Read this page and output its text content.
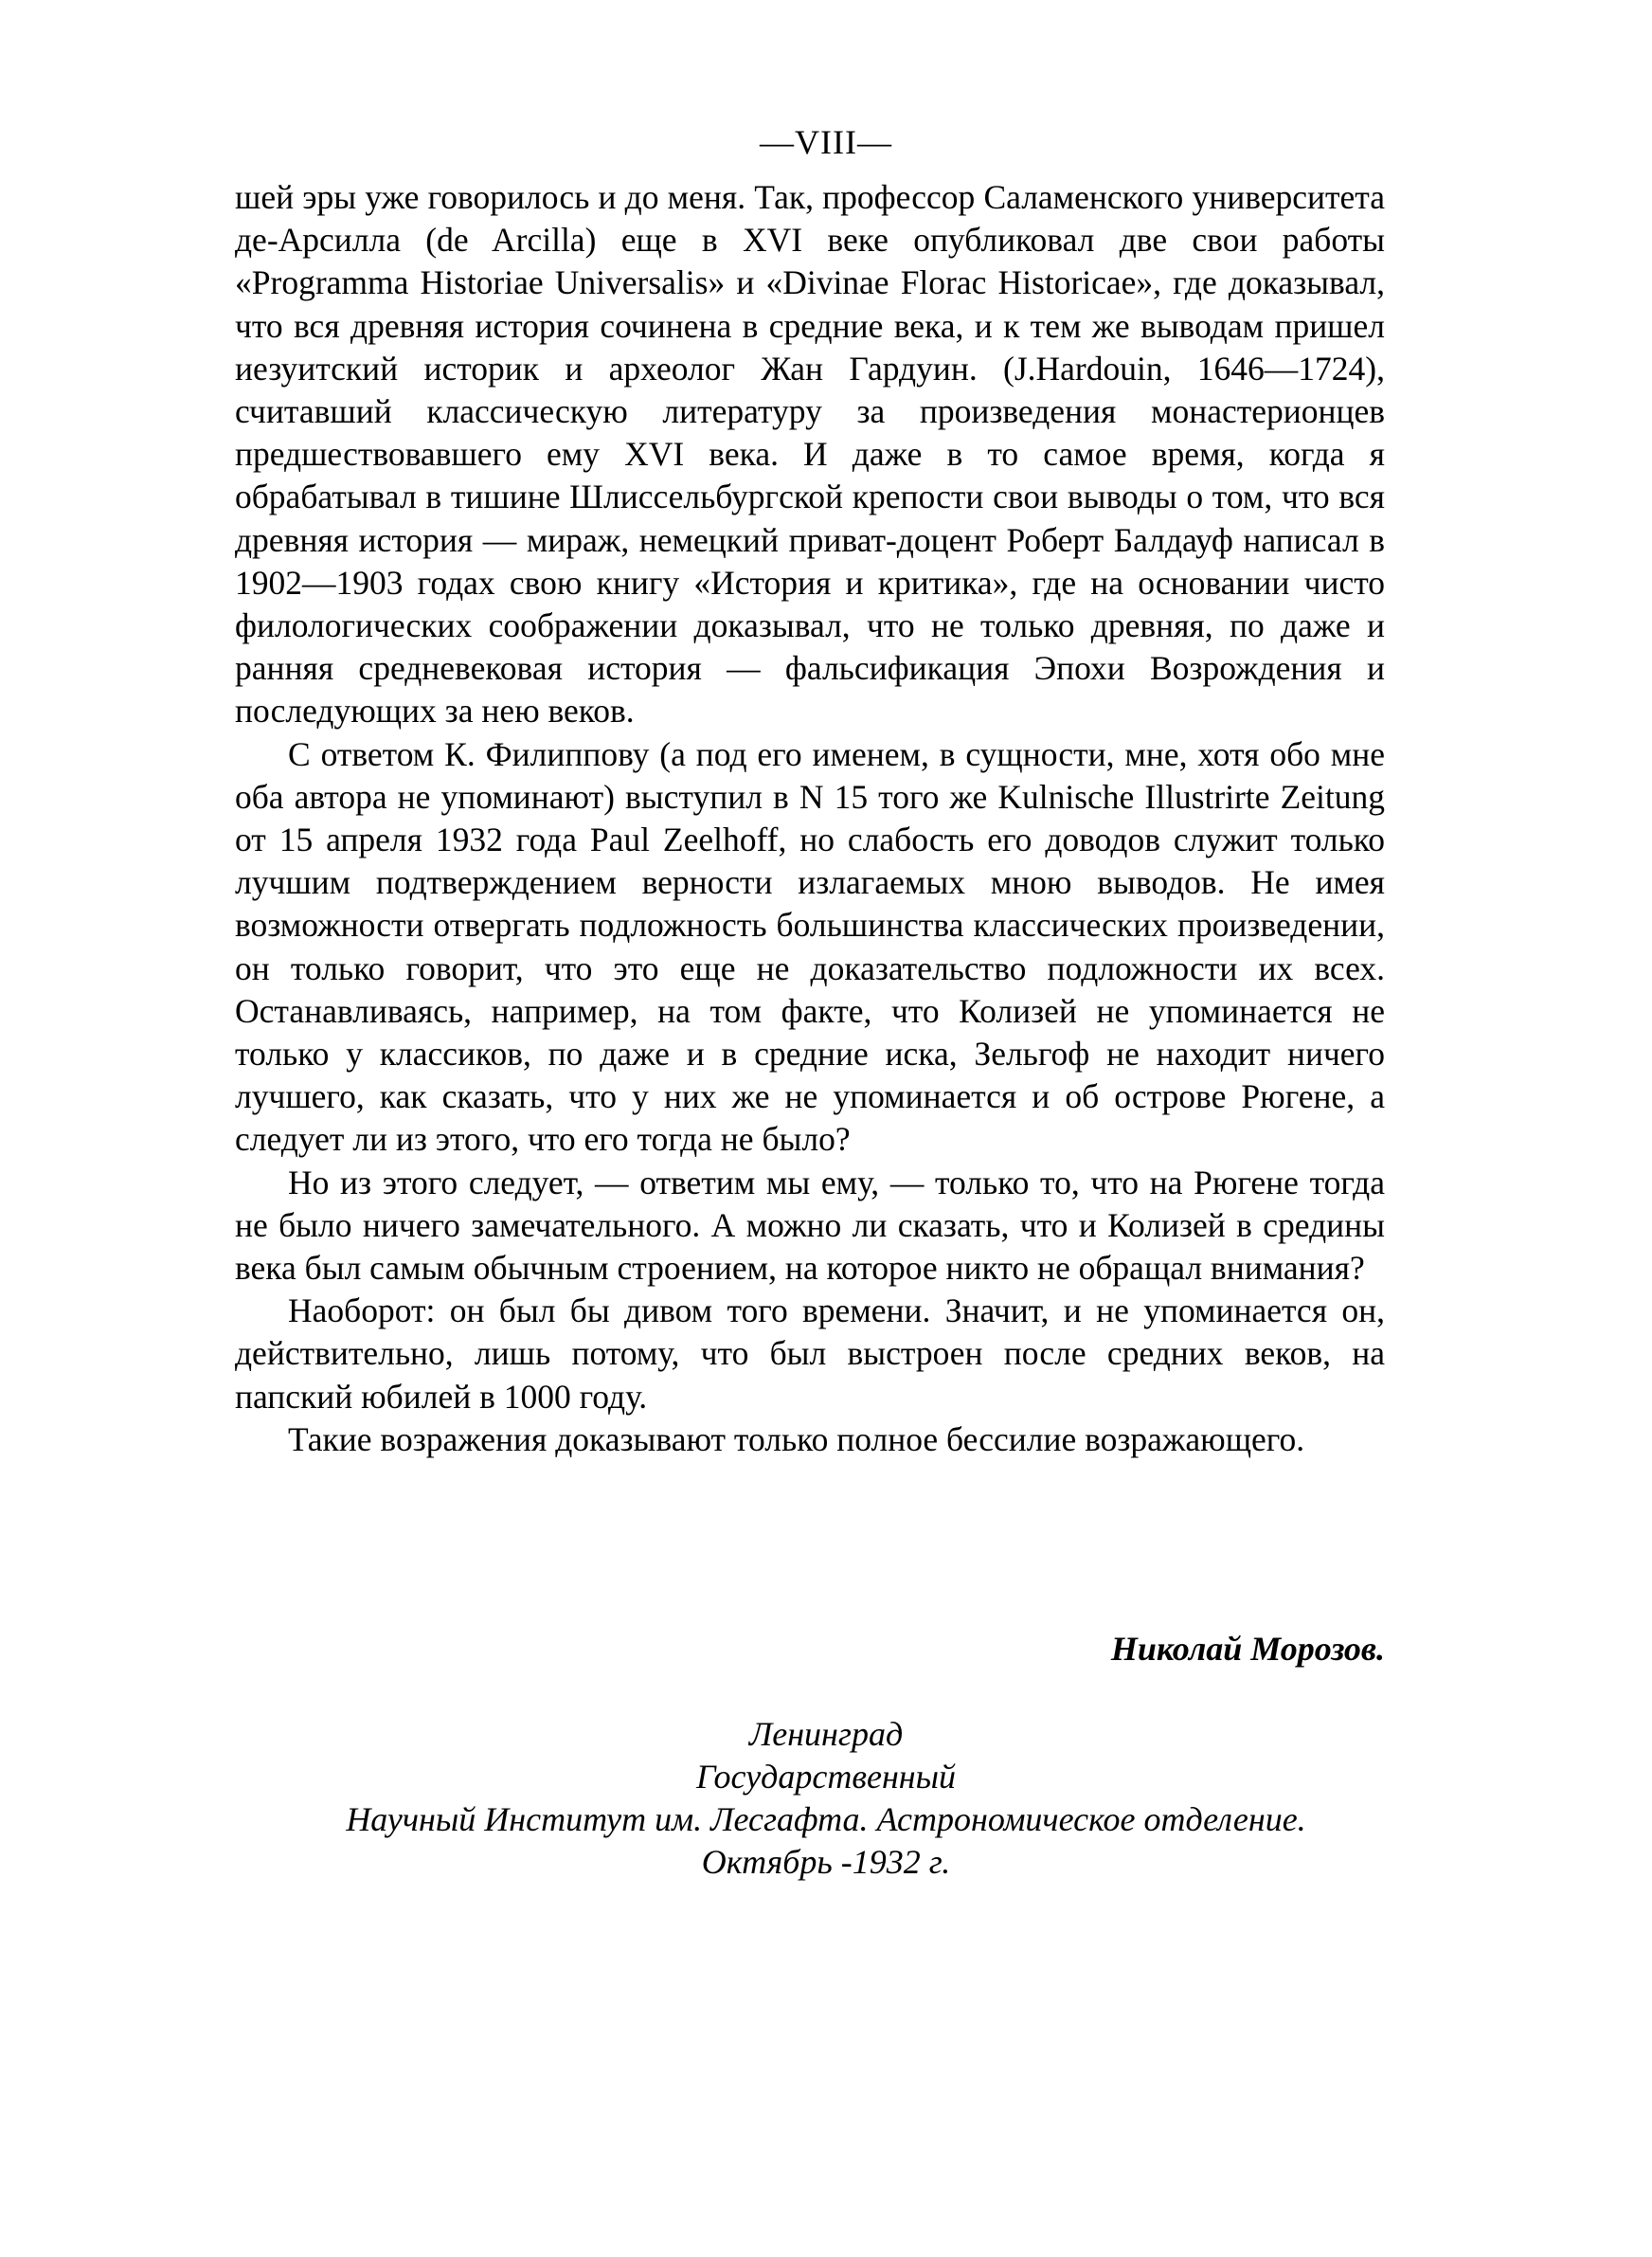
—VIII—

шей эры уже говорилось и до меня. Так, профессор Саламенского университета де-Арсилла (de Arcilla) еще в XVI веке опубликовал две свои работы «Programma Historiae Universalis» и «Divinae Florac Historicae», где доказывал, что вся древняя история сочинена в средние века, и к тем же выводам пришел иезуитский историк и археолог Жан Гардуин. (J.Hardouin, 1646—1724), считавший классическую литературу за произведения монастерионцев предшествовавшего ему XVI века. И даже в то самое время, когда я обрабатывал в тишине Шлиссельбургской крепости свои выводы о том, что вся древняя история — мираж, немецкий приват-доцент Роберт Балдауф написал в 1902—1903 годах свою книгу «История и критика», где на основании чисто филологических соображении доказывал, что не только древняя, по даже и ранняя средневековая история — фальсификация Эпохи Возрождения и последующих за нею веков.

С ответом К. Филиппову (а под его именем, в сущности, мне, хотя обо мне оба автора не упоминают) выступил в N 15 того же Kulnische Illustrirte Zeitung от 15 апреля 1932 года Paul Zeelhoff, но слабость его доводов служит только лучшим подтверждением верности излагаемых мною выводов. Не имея возможности отвергать подложность большинства классических произведении, он только говорит, что это еще не доказательство подложности их всех. Останавливаясь, например, на том факте, что Колизей не упоминается не только у классиков, по даже и в средние иска, Зельгоф не находит ничего лучшего, как сказать, что у них же не упоминается и об острове Рюгене, а следует ли из этого, что его тогда не было?

Но из этого следует, — ответим мы ему, — только то, что на Рюгене тогда не было ничего замечательного. А можно ли сказать, что и Колизей в средины века был самым обычным строением, на которое никто не обращал внимания?

Наоборот: он был бы дивом того времени. Значит, и не упоминается он, действительно, лишь потому, что был выстроен после средних веков, на папский юбилей в 1000 году.

Такие возражения доказывают только полное бессилие возражающего.

Николай Морозов.
Ленинград
Государственный
Научный Институт им. Лесгафта. Астрономическое отделение.
Октябрь -1932 г.
